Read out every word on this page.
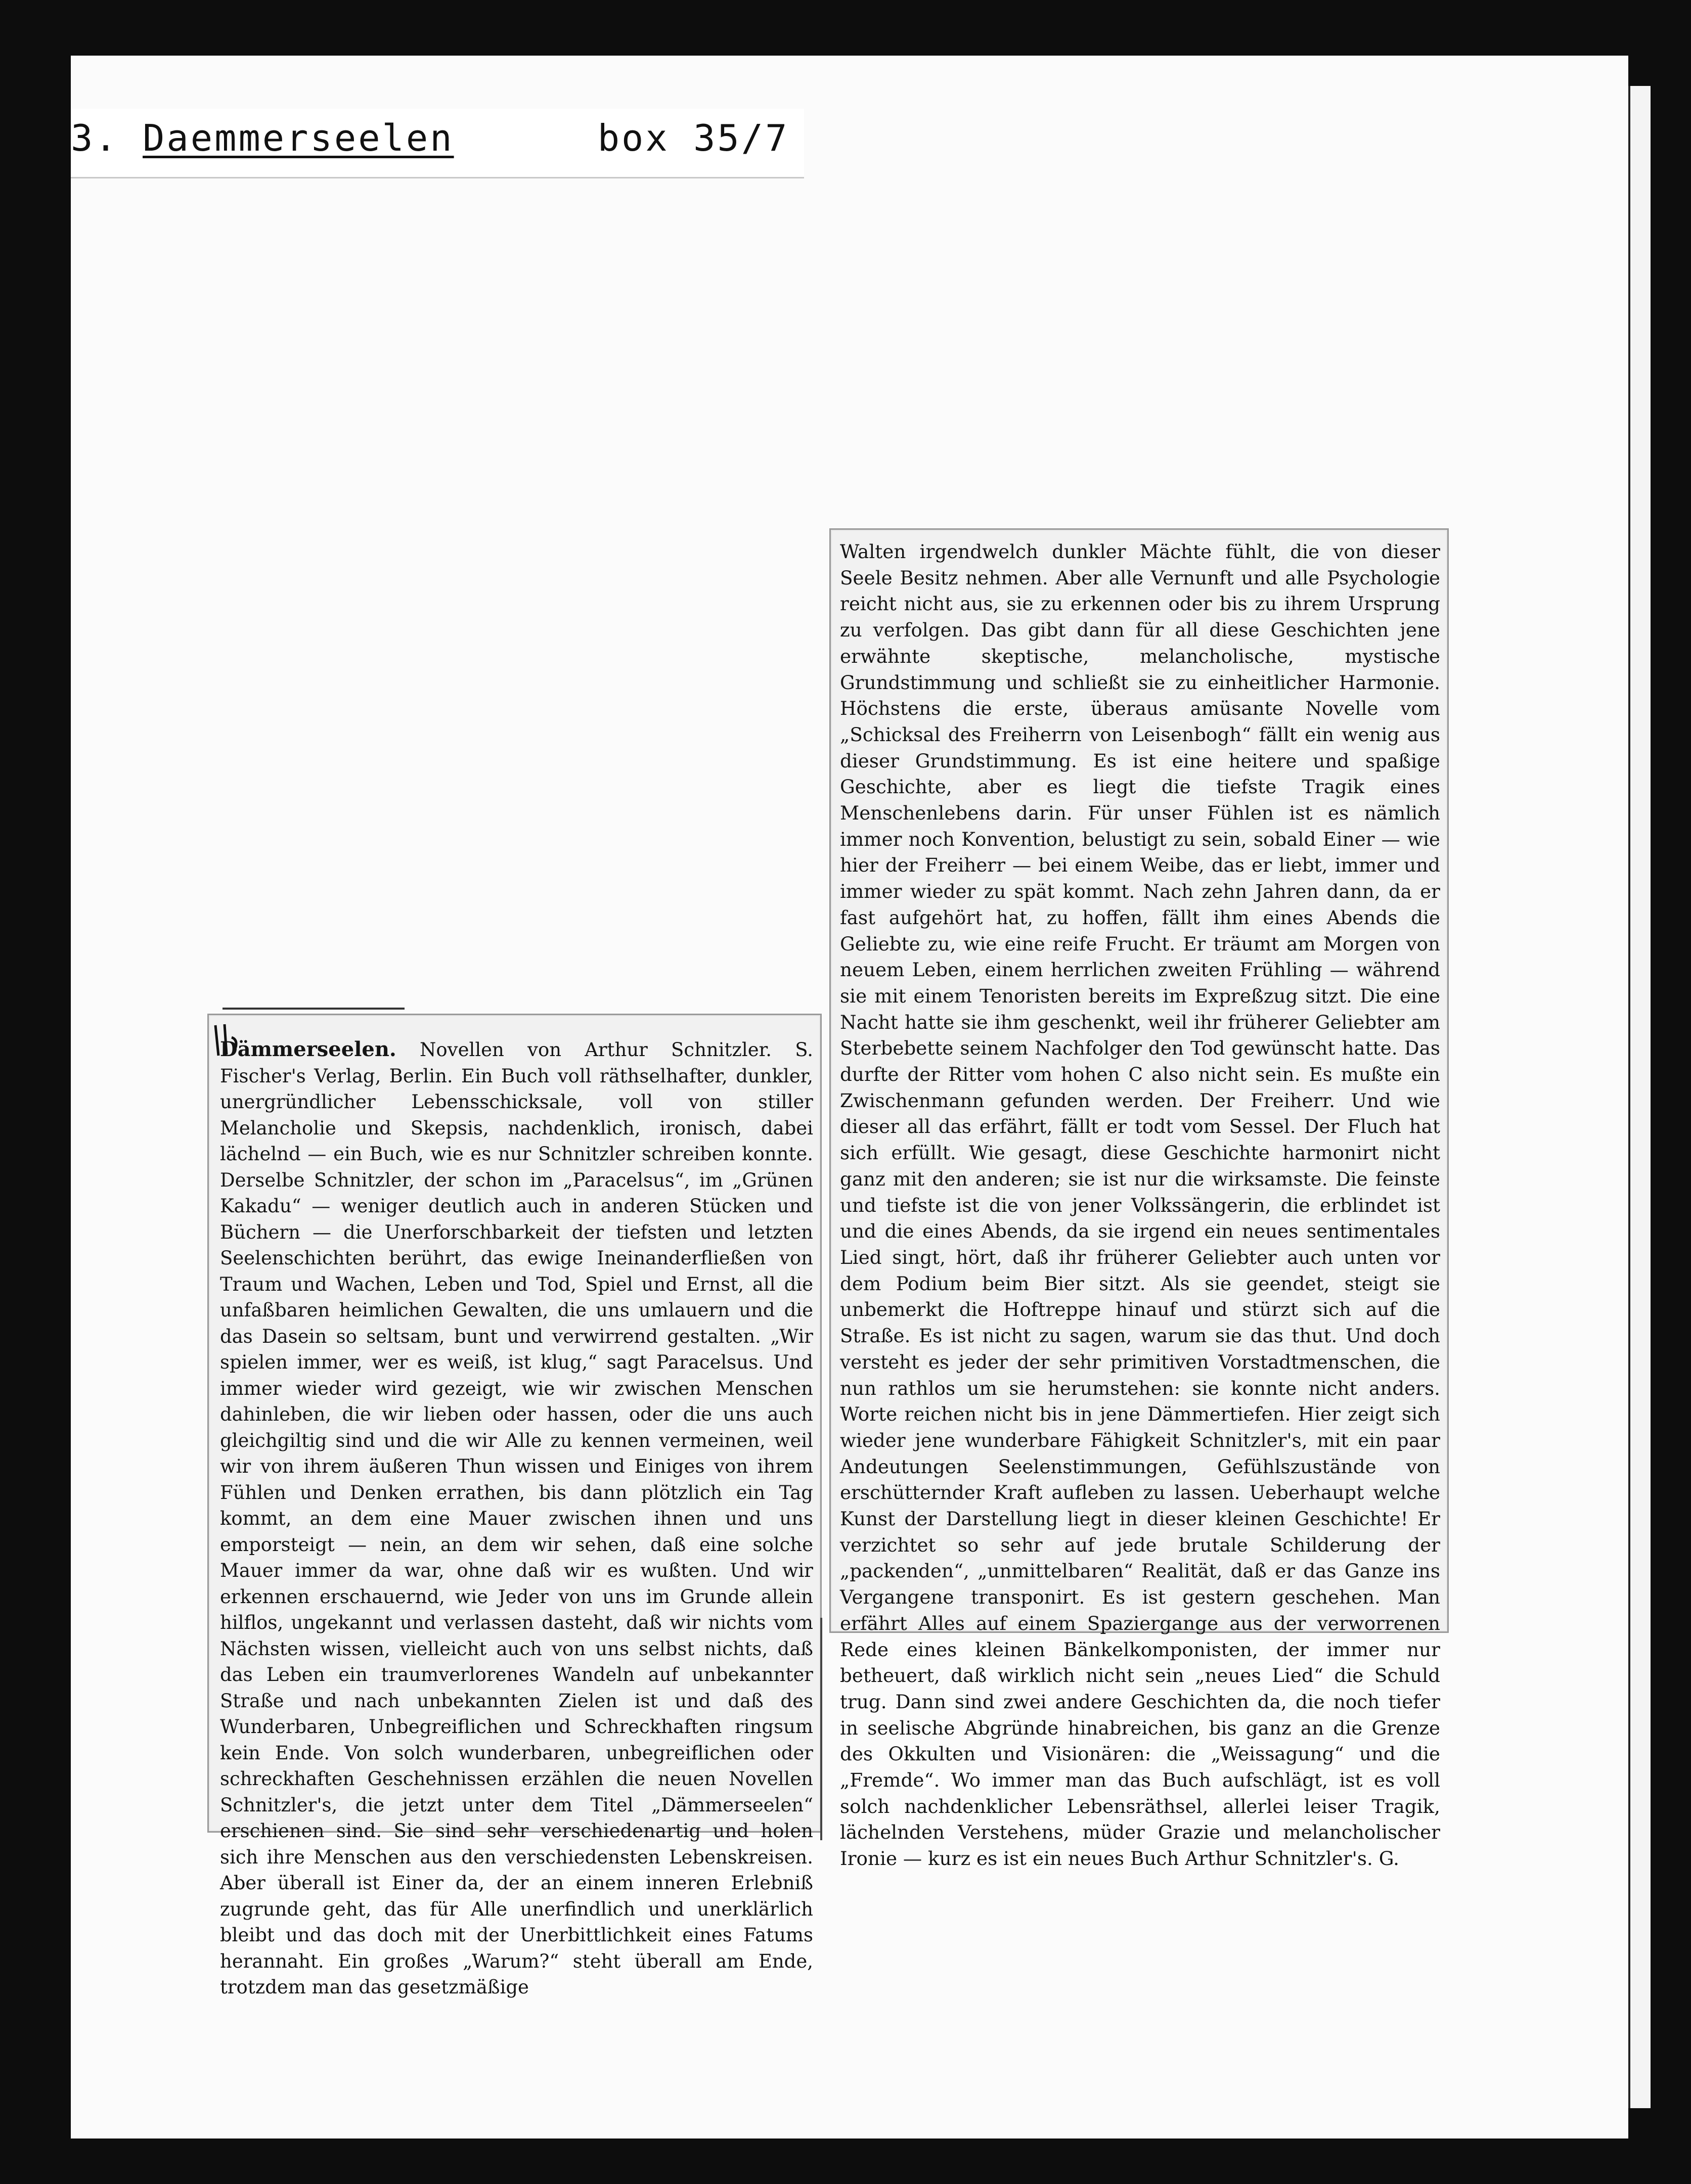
3. Daemmerseelen	box 35/7

Dämmerseelen. Novellen von Arthur Schnitzler. S. Fischer's Verlag, Berlin. Ein Buch voll räthselhafter, dunkler, unergründlicher Lebensschicksale, voll von stiller Melancholie und Skepsis, nachdenklich, ironisch, dabei lächelnd — ein Buch, wie es nur Schnitzler schreiben konnte. Derselbe Schnitzler, der schon im „Paracelsus“, im „Grünen Kakadu“ — weniger deutlich auch in anderen Stücken und Büchern — die Unerforschbarkeit der tiefsten und letzten Seelenschichten berührt, das ewige Ineinanderfließen von Traum und Wachen, Leben und Tod, Spiel und Ernst, all die unfaßbaren heimlichen Gewalten, die uns umlauern und die das Dasein so seltsam, bunt und verwirrend gestalten. „Wir spielen immer, wer es weiß, ist klug,“ sagt Paracelsus. Und immer wieder wird gezeigt, wie wir zwischen Menschen dahinleben, die wir lieben oder hassen, oder die uns auch gleichgiltig sind und die wir Alle zu kennen vermeinen, weil wir von ihrem äußeren Thun wissen und Einiges von ihrem Fühlen und Denken errathen, bis dann plötzlich ein Tag kommt, an dem eine Mauer zwischen ihnen und uns emporsteigt — nein, an dem wir sehen, daß eine solche Mauer immer da war, ohne daß wir es wußten. Und wir erkennen erschauernd, wie Jeder von uns im Grunde allein hilflos, ungekannt und verlassen dasteht, daß wir nichts vom Nächsten wissen, vielleicht auch von uns selbst nichts, daß das Leben ein traumverlorenes Wandeln auf unbekannter Straße und nach unbekannten Zielen ist und daß des Wunderbaren, Unbegreiflichen und Schreckhaften ringsum kein Ende. Von solch wunderbaren, unbegreiflichen oder schreckhaften Geschehnissen erzählen die neuen Novellen Schnitzler's, die jetzt unter dem Titel „Dämmerseelen“ erschienen sind. Sie sind sehr verschiedenartig und holen sich ihre Menschen aus den verschiedensten Lebenskreisen. Aber überall ist Einer da, der an einem inneren Erlebniß zugrunde geht, das für Alle unerfindlich und unerklärlich bleibt und das doch mit der Unerbittlichkeit eines Fatums herannaht. Ein großes „Warum?“ steht überall am Ende, trotzdem man das gesetzmäßige

Walten irgendwelch dunkler Mächte fühlt, die von dieser Seele Besitz nehmen. Aber alle Vernunft und alle Psychologie reicht nicht aus, sie zu erkennen oder bis zu ihrem Ursprung zu verfolgen. Das gibt dann für all diese Geschichten jene erwähnte skeptische, melancholische, mystische Grundstimmung und schließt sie zu einheitlicher Harmonie. Höchstens die erste, überaus amüsante Novelle vom „Schicksal des Freiherrn von Leisenbogh“ fällt ein wenig aus dieser Grundstimmung. Es ist eine heitere und spaßige Geschichte, aber es liegt die tiefste Tragik eines Menschenlebens darin. Für unser Fühlen ist es nämlich immer noch Konvention, belustigt zu sein, sobald Einer — wie hier der Freiherr — bei einem Weibe, das er liebt, immer und immer wieder zu spät kommt. Nach zehn Jahren dann, da er fast aufgehört hat, zu hoffen, fällt ihm eines Abends die Geliebte zu, wie eine reife Frucht. Er träumt am Morgen von neuem Leben, einem herrlichen zweiten Frühling — während sie mit einem Tenoristen bereits im Expreßzug sitzt. Die eine Nacht hatte sie ihm geschenkt, weil ihr früherer Geliebter am Sterbebette seinem Nachfolger den Tod gewünscht hatte. Das durfte der Ritter vom hohen C also nicht sein. Es mußte ein Zwischenmann gefunden werden. Der Freiherr. Und wie dieser all das erfährt, fällt er todt vom Sessel. Der Fluch hat sich erfüllt. Wie gesagt, diese Geschichte harmonirt nicht ganz mit den anderen; sie ist nur die wirksamste. Die feinste und tiefste ist die von jener Volkssängerin, die erblindet ist und die eines Abends, da sie irgend ein neues sentimentales Lied singt, hört, daß ihr früherer Geliebter auch unten vor dem Podium beim Bier sitzt. Als sie geendet, steigt sie unbemerkt die Hoftreppe hinauf und stürzt sich auf die Straße. Es ist nicht zu sagen, warum sie das thut. Und doch versteht es jeder der sehr primitiven Vorstadtmenschen, die nun rathlos um sie herumstehen: sie konnte nicht anders. Worte reichen nicht bis in jene Dämmertiefen. Hier zeigt sich wieder jene wunderbare Fähigkeit Schnitzler's, mit ein paar Andeutungen Seelenstimmungen, Gefühlszustände von erschütternder Kraft aufleben zu lassen. Ueberhaupt welche Kunst der Darstellung liegt in dieser kleinen Geschichte! Er verzichtet so sehr auf jede brutale Schilderung der „packenden“, „unmittelbaren“ Realität, daß er das Ganze ins Vergangene transponirt. Es ist gestern geschehen. Man erfährt Alles auf einem Spaziergange aus der verworrenen Rede eines kleinen Bänkelkomponisten, der immer nur betheuert, daß wirklich nicht sein „neues Lied“ die Schuld trug. Dann sind zwei andere Geschichten da, die noch tiefer in seelische Abgründe hinabreichen, bis ganz an die Grenze des Okkulten und Visionären: die „Weissagung“ und die „Fremde“. Wo immer man das Buch aufschlägt, ist es voll solch nachdenklicher Lebensräthsel, allerlei leiser Tragik, lächelnden Verstehens, müder Grazie und melancholischer Ironie — kurz es ist ein neues Buch Arthur Schnitzler's. G.
